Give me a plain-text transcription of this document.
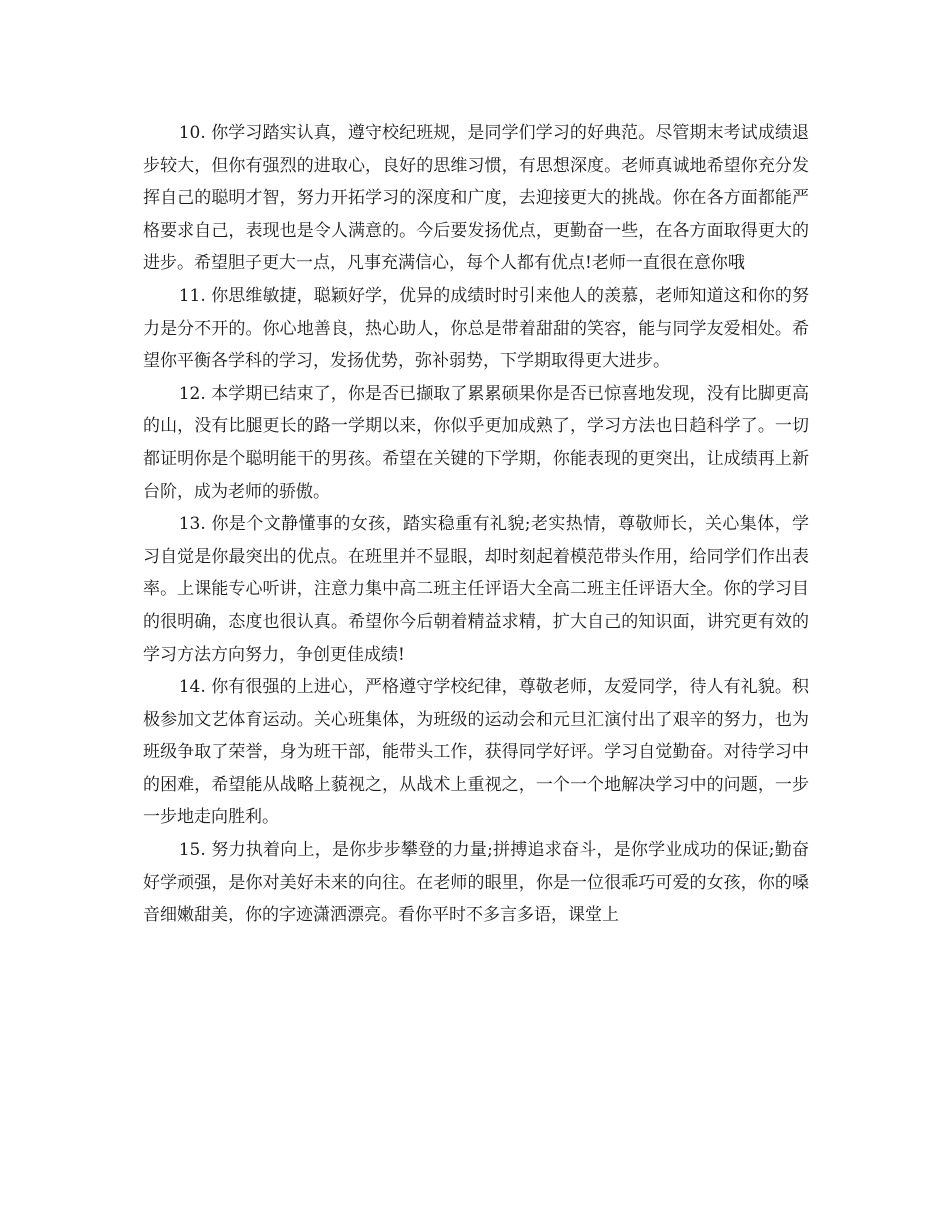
10. 你学习踏实认真，遵守校纪班规，是同学们学习的好典范。尽管期末考试成绩退步较大，但你有强烈的进取心，良好的思维习惯，有思想深度。老师真诚地希望你充分发挥自己的聪明才智，努力开拓学习的深度和广度，去迎接更大的挑战。你在各方面都能严格要求自己，表现也是令人满意的。今后要发扬优点，更勤奋一些，在各方面取得更大的进步。希望胆子更大一点，凡事充满信心，每个人都有优点!老师一直很在意你哦

11. 你思维敏捷，聪颖好学，优异的成绩时时引来他人的羡慕，老师知道这和你的努力是分不开的。你心地善良，热心助人，你总是带着甜甜的笑容，能与同学友爱相处。希望你平衡各学科的学习，发扬优势，弥补弱势，下学期取得更大进步。

12. 本学期已结束了，你是否已撷取了累累硕果你是否已惊喜地发现，没有比脚更高的山，没有比腿更长的路一学期以来，你似乎更加成熟了，学习方法也日趋科学了。一切都证明你是个聪明能干的男孩。希望在关键的下学期，你能表现的更突出，让成绩再上新台阶，成为老师的骄傲。

13. 你是个文静懂事的女孩，踏实稳重有礼貌;老实热情，尊敬师长，关心集体，学习自觉是你最突出的优点。在班里并不显眼，却时刻起着模范带头作用，给同学们作出表率。上课能专心听讲，注意力集中高二班主任评语大全高二班主任评语大全。你的学习目的很明确，态度也很认真。希望你今后朝着精益求精，扩大自己的知识面，讲究更有效的学习方法方向努力，争创更佳成绩!

14. 你有很强的上进心，严格遵守学校纪律，尊敬老师，友爱同学，待人有礼貌。积极参加文艺体育运动。关心班集体，为班级的运动会和元旦汇演付出了艰辛的努力，也为班级争取了荣誉，身为班干部，能带头工作，获得同学好评。学习自觉勤奋。对待学习中的困难，希望能从战略上藐视之，从战术上重视之，一个一个地解决学习中的问题，一步一步地走向胜利。

15. 努力执着向上，是你步步攀登的力量;拼搏追求奋斗，是你学业成功的保证;勤奋好学顽强，是你对美好未来的向往。在老师的眼里，你是一位很乖巧可爱的女孩，你的嗓音细嫩甜美，你的字迹潇洒漂亮。看你平时不多言多语，课堂上
